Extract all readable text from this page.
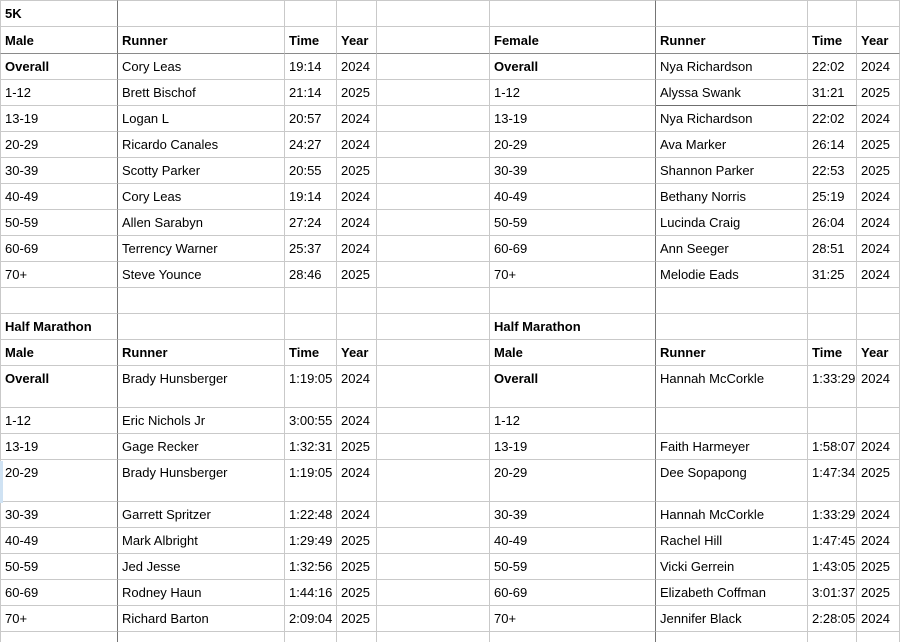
5K								
Male	Runner	Time	Year		Female	Runner	Time	Year
Overall	Cory Leas	19:14	2024		Overall	Nya Richardson	22:02	2024
1-12	Brett Bischof	21:14	2025		1-12	Alyssa Swank	31:21	2025
13-19	Logan L	20:57	2024		13-19	Nya Richardson	22:02	2024
20-29	Ricardo Canales	24:27	2024		20-29	Ava Marker	26:14	2025
30-39	Scotty Parker	20:55	2025		30-39	Shannon Parker	22:53	2025
40-49	Cory Leas	19:14	2024		40-49	Bethany Norris	25:19	2024
50-59	Allen Sarabyn	27:24	2024		50-59	Lucinda Craig	26:04	2024
60-69	Terrency Warner	25:37	2024		60-69	Ann Seeger	28:51	2024
70+	Steve Younce	28:46	2025		70+	Melodie Eads	31:25	2024

Half Marathon					Half Marathon			
Male	Runner	Time	Year		Male	Runner	Time	Year
Overall	Brady Hunsberger	1:19:05	2024		Overall	Hannah McCorkle	1:33:29	2024
1-12	Eric Nichols Jr	3:00:55	2024		1-12			
13-19	Gage Recker	1:32:31	2025		13-19	Faith Harmeyer	1:58:07	2024
20-29	Brady Hunsberger	1:19:05	2024		20-29	Dee Sopapong	1:47:34	2025
30-39	Garrett Spritzer	1:22:48	2024		30-39	Hannah McCorkle	1:33:29	2024
40-49	Mark Albright	1:29:49	2025		40-49	Rachel Hill	1:47:45	2024
50-59	Jed Jesse	1:32:56	2025		50-59	Vicki Gerrein	1:43:05	2025
60-69	Rodney Haun	1:44:16	2025		60-69	Elizabeth Coffman	3:01:37	2025
70+	Richard Barton	2:09:04	2025		70+	Jennifer Black	2:28:05	2024
